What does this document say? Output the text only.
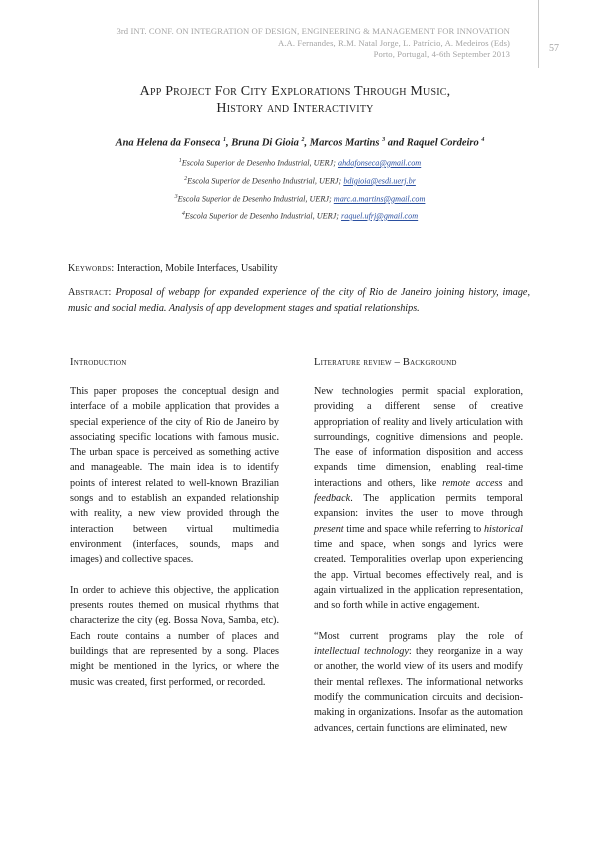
3rd INT. CONF. ON INTEGRATION OF DESIGN, ENGINEERING & MANAGEMENT FOR INNOVATION
A.A. Fernandes, R.M. Natal Jorge, L. Patrício, A. Medeiros (Eds)
Porto, Portugal, 4-6th September 2013
57
App Project For City Explorations Through Music,
History and Interactivity
Ana Helena da Fonseca $^1$, Bruna Di Gioia $^2$, Marcos Martins $^3$ and Raquel Cordeiro $^4$
$^1$Escola Superior de Desenho Industrial, UERJ; ahdafonseca@gmail.com
$^2$Escola Superior de Desenho Industrial, UERJ; bdigioia@esdi.uerj.br
$^3$Escola Superior de Desenho Industrial, UERJ; marc.a.martins@gmail.com
$^4$Escola Superior de Desenho Industrial, UERJ; raquel.ufrj@gmail.com
Keywords: Interaction, Mobile Interfaces, Usability
Abstract: Proposal of webapp for expanded experience of the city of Rio de Janeiro joining history, image, music and social media. Analysis of app development stages and spatial relationships.
Introduction

This paper proposes the conceptual design and interface of a mobile application that provides a special experience of the city of Rio de Janeiro by associating specific locations with famous music. The urban space is perceived as something active and manageable. The main idea is to identify points of interest related to well-known Brazilian songs and to establish an expanded relationship with reality, a new view provided through the interaction between virtual multimedia environment (interfaces, sounds, maps and images) and collective spaces.

In order to achieve this objective, the application presents routes themed on musical rhythms that characterize the city (eg. Bossa Nova, Samba, etc). Each route contains a number of places and buildings that are represented by a song. Places might be mentioned in the lyrics, or where the music was created, first performed, or recorded.

Literature review – Background

New technologies permit spacial exploration, providing a different sense of creative appropriation of reality and lively articulation with surroundings, cognitive dimensions and people. The ease of information disposition and access expands time dimension, enabling real-time interactions and others, like remote access and feedback. The application permits temporal expansion: invites the user to move through present time and space while referring to historical time and space, when songs and lyrics were created. Temporalities overlap upon experiencing the app. Virtual becomes effectively real, and is again virtualized in the application representation, and so forth while in active engagement.

“Most current programs play the role of intellectual technology: they reorganize in a way or another, the world view of its users and modify their mental reflexes. The informational networks modify the communication circuits and decision-making in organizations. Insofar as the automation advances, certain functions are eliminated, new
